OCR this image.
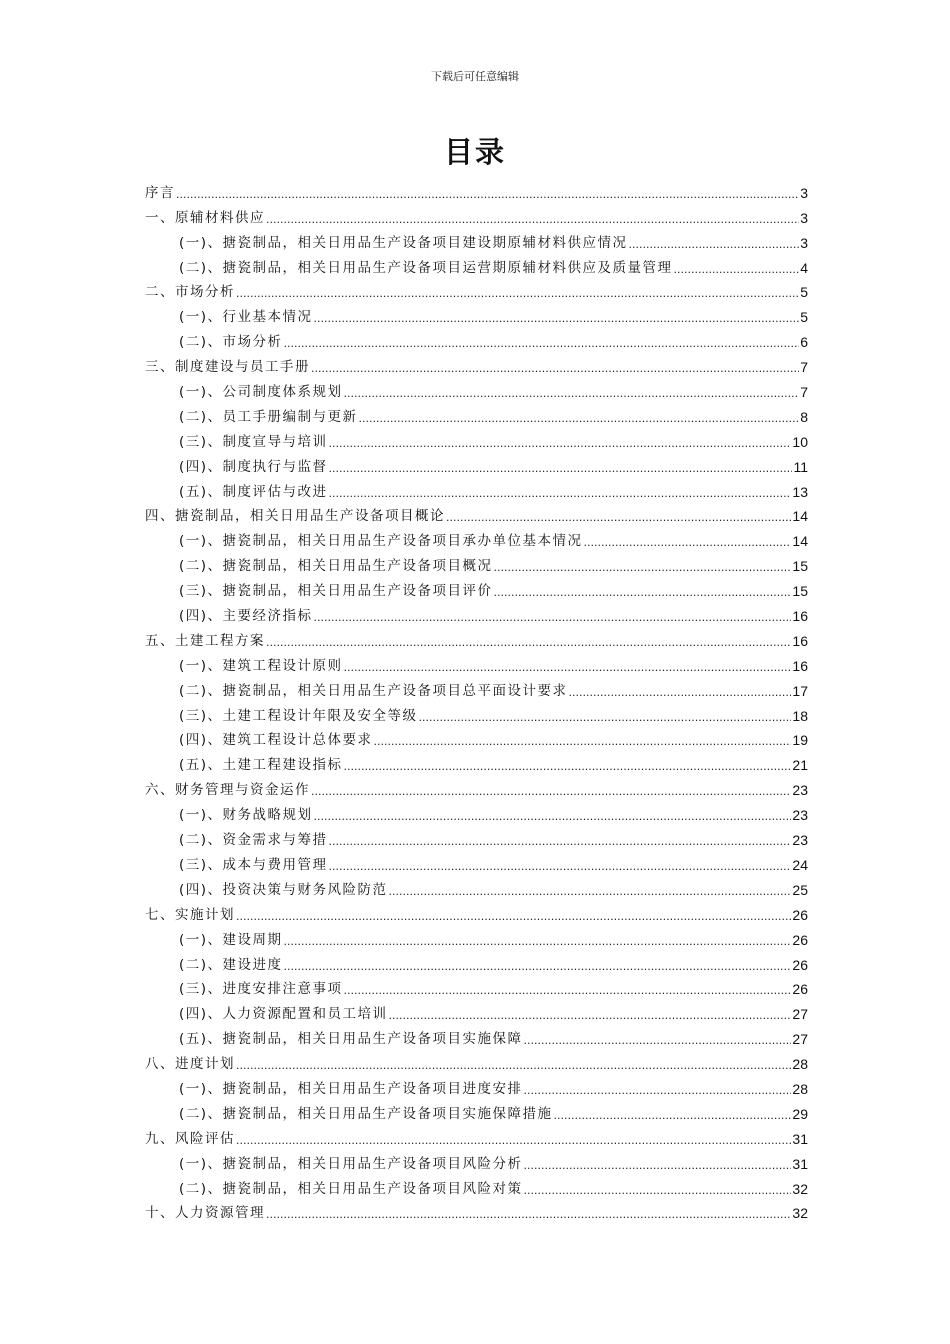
下载后可任意编辑
目录
序言 .....	3
一、原辅材料供应 .....	3
(一)、搪瓷制品，相关日用品生产设备项目建设期原辅材料供应情况 .....	3
(二)、搪瓷制品，相关日用品生产设备项目运营期原辅材料供应及质量管理 .....	4
二、市场分析 .....	5
(一)、行业基本情况 .....	5
(二)、市场分析 .....	6
三、制度建设与员工手册 .....	7
(一)、公司制度体系规划 .....	7
(二)、员工手册编制与更新 .....	8
(三)、制度宣导与培训 .....	10
(四)、制度执行与监督 .....	11
(五)、制度评估与改进 .....	13
四、搪瓷制品，相关日用品生产设备项目概论 .....	14
(一)、搪瓷制品，相关日用品生产设备项目承办单位基本情况 .....	14
(二)、搪瓷制品，相关日用品生产设备项目概况 .....	15
(三)、搪瓷制品，相关日用品生产设备项目评价 .....	15
(四)、主要经济指标 .....	16
五、土建工程方案 .....	16
(一)、建筑工程设计原则 .....	16
(二)、搪瓷制品，相关日用品生产设备项目总平面设计要求 .....	17
(三)、土建工程设计年限及安全等级 .....	18
(四)、建筑工程设计总体要求 .....	19
(五)、土建工程建设指标 .....	21
六、财务管理与资金运作 .....	23
(一)、财务战略规划 .....	23
(二)、资金需求与筹措 .....	23
(三)、成本与费用管理 .....	24
(四)、投资决策与财务风险防范 .....	25
七、实施计划 .....	26
(一)、建设周期 .....	26
(二)、建设进度 .....	26
(三)、进度安排注意事项 .....	26
(四)、人力资源配置和员工培训 .....	27
(五)、搪瓷制品，相关日用品生产设备项目实施保障 .....	27
八、进度计划 .....	28
(一)、搪瓷制品，相关日用品生产设备项目进度安排 .....	28
(二)、搪瓷制品，相关日用品生产设备项目实施保障措施 .....	29
九、风险评估 .....	31
(一)、搪瓷制品，相关日用品生产设备项目风险分析 .....	31
(二)、搪瓷制品，相关日用品生产设备项目风险对策 .....	32
十、人力资源管理 .....	32
